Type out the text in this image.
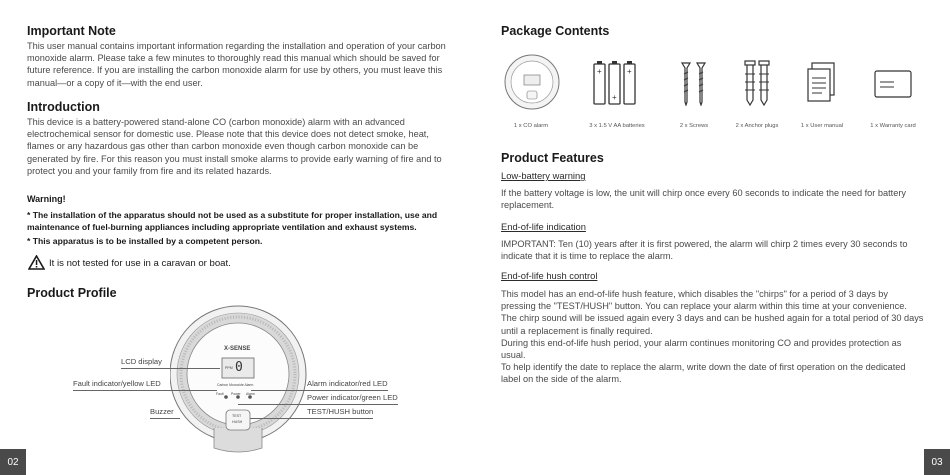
Important Note

This user manual contains important information regarding the installation and operation of your carbon monoxide alarm. Please take a few minutes to thoroughly read this manual which should be saved for future reference. If you are installing the carbon monoxide alarm for use by others, you must leave this manual—or a copy of it—with the end user.

Introduction

This device is a battery-powered stand-alone CO (carbon monoxide) alarm with an advanced electrochemical sensor for domestic use. Please note that this device does not detect smoke, heat, flames or any hazardous gas other than carbon monoxide even though carbon monoxide can be generated by fire. For this reason you must install smoke alarms to provide early warning of fire and to protect you and your family from fire and its related hazards.

Warning!

* The installation of the apparatus should not be used as a substitute for proper installation, use and maintenance of fuel-burning appliances including appropriate ventilation and exhaust systems.

* This apparatus is to be installed by a competent person.

It is not tested for use in a caravan or boat.

Product Profile
X-SENSE
0
PPM
Carbon Monoxide Alarm
Fault Power Alarm
TEST
HUSH
LCD display
Fault indicator/yellow LED
Buzzer
Alarm indicator/red LED
Power indicator/green LED
TEST/HUSH button
02
Package Contents
+	+
+
1 x CO alarm	3 x 1.5 V AA batteries	2 x Screws	2 x Anchor plugs	1 x User manual	1 x Warranty card
Product Features
Low-battery warning

If the battery voltage is low, the unit will chirp once every 60 seconds to indicate the need for battery replacement.

End-of-life indication

IMPORTANT: Ten (10) years after it is first powered, the alarm will chirp 2 times every 30 seconds to indicate that it is time to replace the alarm.

End-of-life hush control

This model has an end-of-life hush feature, which disables the "chirps" for a period of 3 days by pressing the "TEST/HUSH" button. You can replace your alarm within this time at your convenience. The chirp sound will be issued again every 3 days and can be hushed again for a total period of 30 days until a replacement is finally required.

During this end-of-life hush period, your alarm continues monitoring CO and provides protection as usual.

To help identify the date to replace the alarm, write down the date of first operation on the dedicated label on the side of the alarm.

03
